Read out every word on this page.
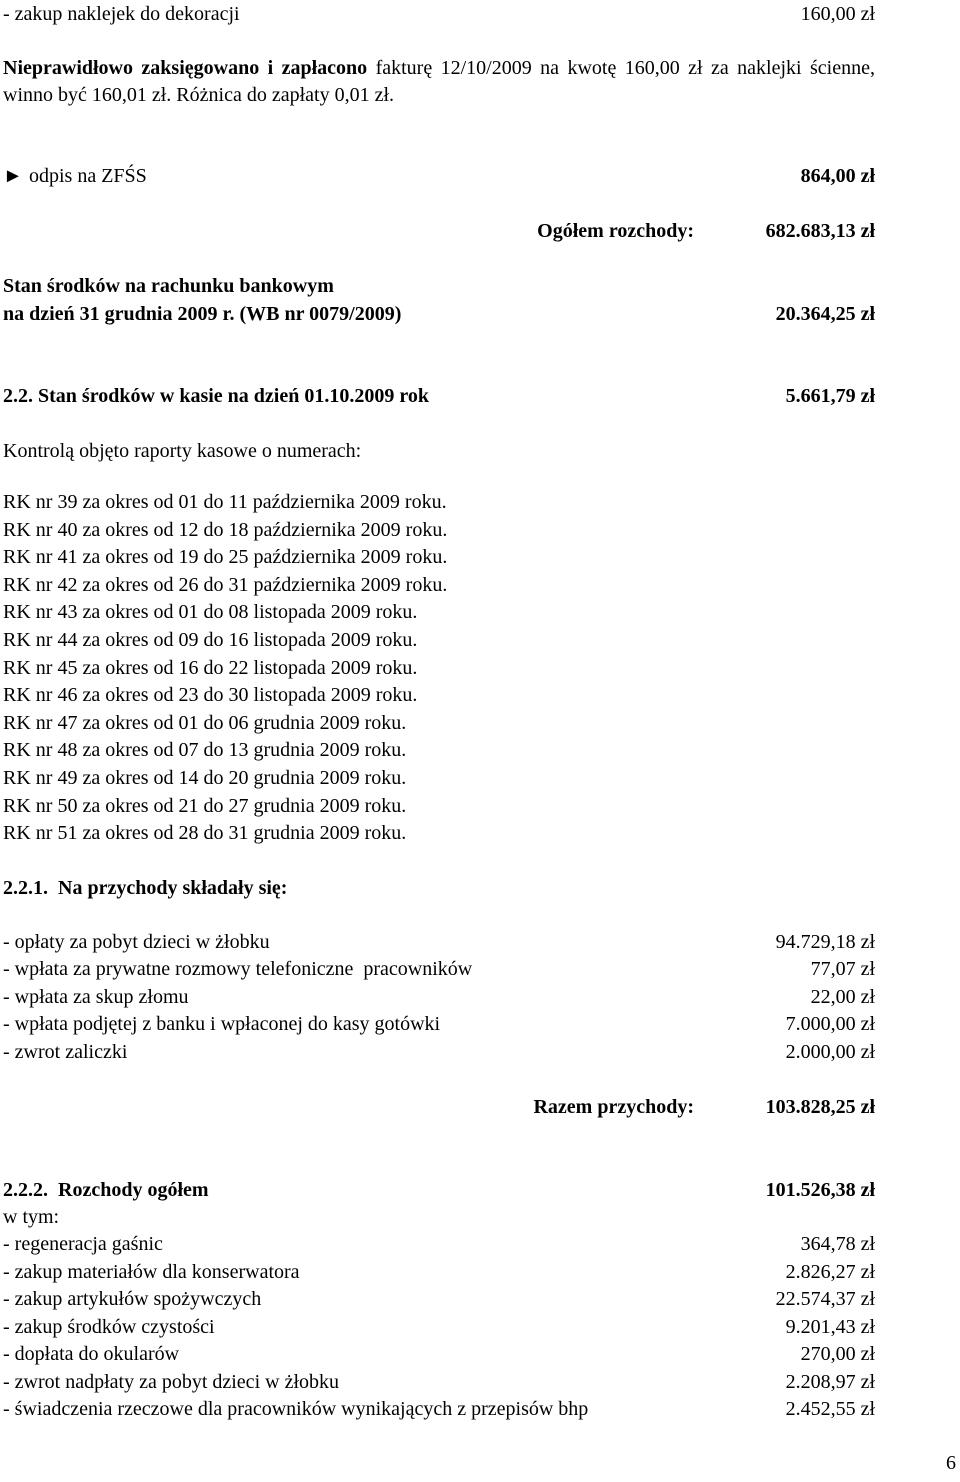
- zakup naklejek do dekoracji	160,00 zł
Nieprawidłowo zaksięgowano i zapłacono fakturę 12/10/2009 na kwotę 160,00 zł za naklejki ścienne, winno być 160,01 zł. Różnica do zapłaty 0,01 zł.
► odpis na ZFŚS	864,00 zł
Ogółem rozchody:	682.683,13 zł
Stan środków na rachunku bankowym
na dzień 31 grudnia 2009 r. (WB nr 0079/2009)	20.364,25 zł
2.2. Stan środków w kasie na dzień 01.10.2009 rok	5.661,79 zł
Kontrolą objęto raporty kasowe o numerach:
RK nr 39 za okres od 01 do 11 października 2009 roku.
RK nr 40 za okres od 12 do 18 października 2009 roku.
RK nr 41 za okres od 19 do 25 października 2009 roku.
RK nr 42 za okres od 26 do 31 października 2009 roku.
RK nr 43 za okres od 01 do 08 listopada 2009 roku.
RK nr 44 za okres od 09 do 16 listopada 2009 roku.
RK nr 45 za okres od 16 do 22 listopada 2009 roku.
RK nr 46 za okres od 23 do 30 listopada 2009 roku.
RK nr 47 za okres od 01 do 06 grudnia 2009 roku.
RK nr 48 za okres od 07 do 13 grudnia 2009 roku.
RK nr 49 za okres od 14 do 20 grudnia 2009 roku.
RK nr 50 za okres od 21 do 27 grudnia 2009 roku.
RK nr 51 za okres od 28 do 31 grudnia 2009 roku.
2.2.1. Na przychody składały się:
- opłaty za pobyt dzieci w żłobku	94.729,18 zł
- wpłata za prywatne rozmowy telefoniczne  pracowników	77,07 zł
- wpłata za skup złomu	22,00 zł
- wpłata podjętej z banku i wpłaconej do kasy gotówki	7.000,00 zł
- zwrot zaliczki	2.000,00 zł
Razem przychody:	103.828,25 zł
2.2.2. Rozchody ogółem	101.526,38 zł
w tym:
- regeneracja gaśnic	364,78 zł
- zakup materiałów dla konserwatora	2.826,27 zł
- zakup artykułów spożywczych	22.574,37 zł
- zakup środków czystości	9.201,43 zł
- dopłata do okularów	270,00 zł
- zwrot nadpłaty za pobyt dzieci w żłobku	2.208,97 zł
- świadczenia rzeczowe dla pracowników wynikających z przepisów bhp	2.452,55 zł
6
